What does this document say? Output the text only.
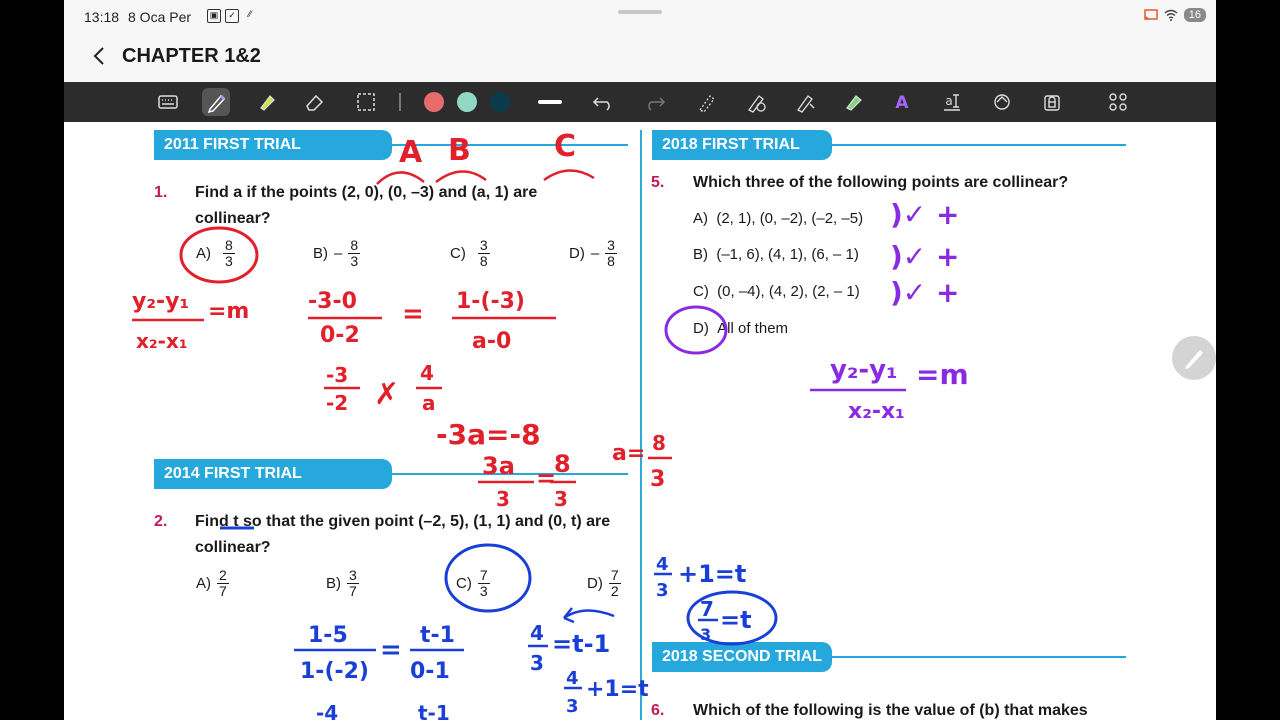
13:18 8 Oca Per	▣	✓	⁄⁄	16
CHAPTER 1&2
A	a
2011 FIRST TRIAL
1. Find a if the points (2, 0), (0, –3) and (a, 1) are
collinear?
$A) \frac{8}{3}$	$B) - \frac{8}{3}$	$C) \frac{3}{8}$	$D) - \frac{3}{8}$
2014 FIRST TRIAL
2. Find t so that the given point (–2, 5), (1, 1) and (0, t) are
collinear?
$A) \frac{2}{7}$	$B) \frac{3}{7}$	$C) \frac{7}{3}$	$D) \frac{7}{2}$
2018 FIRST TRIAL
5. Which three of the following points are collinear?
A) (2, 1), (0, –2), (–2, –5)
B) (–1, 6), (4, 1), (6, – 1)
C) (0, –4), (4, 2), (2, – 1)
D) All of them
2018 SECOND TRIAL
6. Which of the following is the value of (b) that makes
A B	C
y₂-y₁
x₂-x₁
=m	-3-0
0-2
= 1-(-3)
a-0
-3
-2 ✗
4
a
-3a=-8
3a
3
=
8
3
a= 8
3
)✓ +
)✓ +
)✓ +
y₂-y₁
x₂-x₁
=m
1-5
1-(-2)
= t-1
0-1
4
3
=t-1
4
3
+1=t
4
3
+1=t
7
3
=t
-4	t-1
